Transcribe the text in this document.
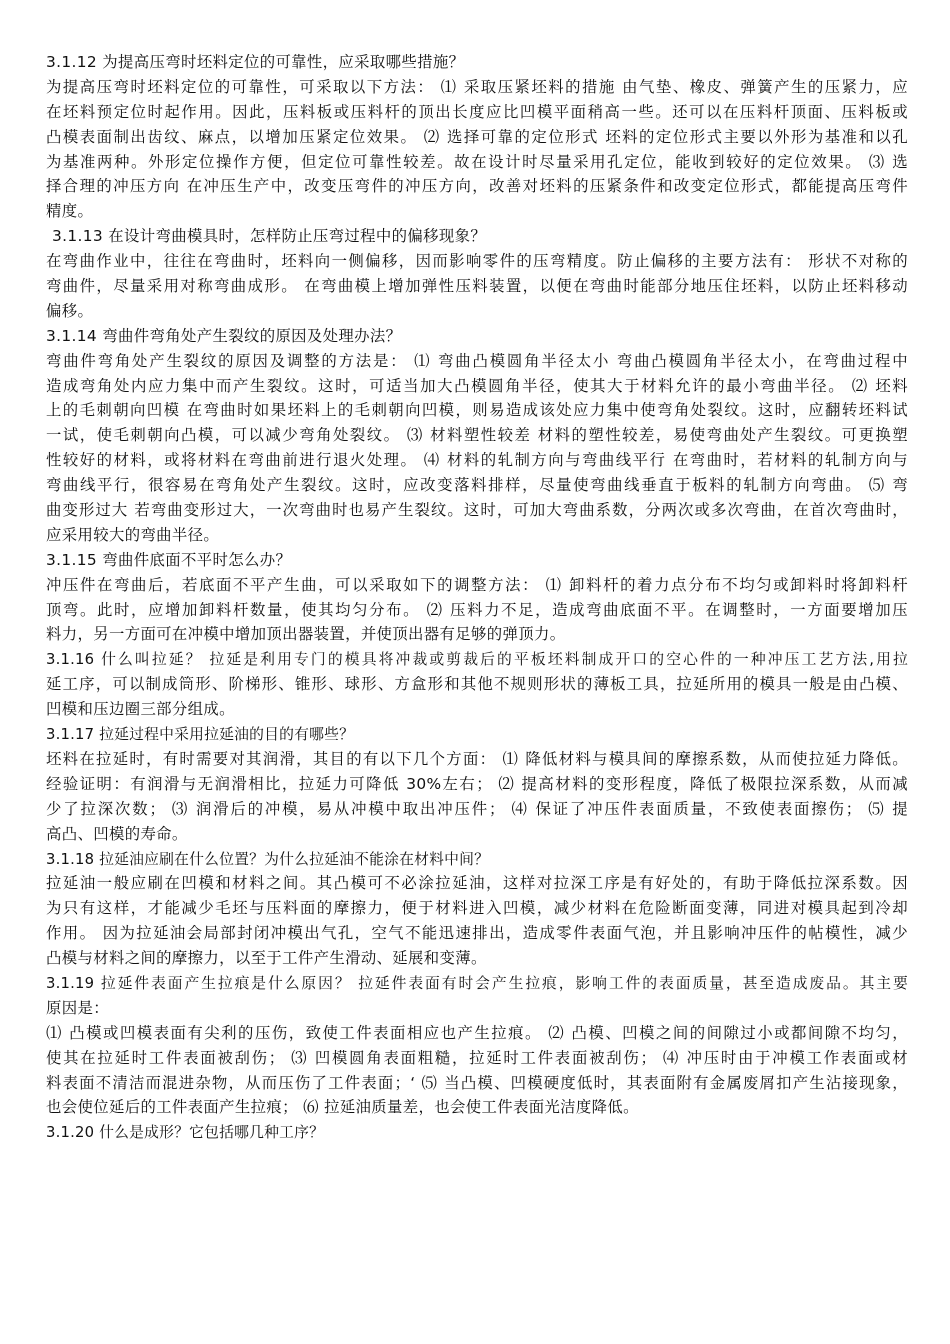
3.1.12 为提高压弯时坯料定位的可靠性，应采取哪些措施？
为提高压弯时坯料定位的可靠性，可采取以下方法： ⑴ 采取压紧坯料的措施 由气垫、橡皮、弹簧产生的压紧力，应
在坯料预定位时起作用。因此，压料板或压料杆的顶出长度应比凹模平面稍高一些。还可以在压料杆顶面、压料板或
凸模表面制出齿纹、麻点，以增加压紧定位效果。 ⑵ 选择可靠的定位形式 坯料的定位形式主要以外形为基准和以孔
为基准两种。外形定位操作方便，但定位可靠性较差。故在设计时尽量采用孔定位，能收到较好的定位效果。 ⑶ 选
择合理的冲压方向 在冲压生产中，改变压弯件的冲压方向，改善对坯料的压紧条件和改变定位形式，都能提高压弯件
精度。
3.1.13 在设计弯曲模具时，怎样防止压弯过程中的偏移现象？
在弯曲作业中，往往在弯曲时，坯料向一侧偏移，因而影响零件的压弯精度。防止偏移的主要方法有： 形状不对称的
弯曲件，尽量采用对称弯曲成形。 在弯曲模上增加弹性压料装置，以便在弯曲时能部分地压住坯料，以防止坯料移动
偏移。
3.1.14 弯曲件弯角处产生裂纹的原因及处理办法？
弯曲件弯角处产生裂纹的原因及调整的方法是： ⑴ 弯曲凸模圆角半径太小 弯曲凸模圆角半径太小，在弯曲过程中
造成弯角处内应力集中而产生裂纹。这时，可适当加大凸模圆角半径，使其大于材料允许的最小弯曲半径。 ⑵ 坯料
上的毛刺朝向凹模 在弯曲时如果坯料上的毛刺朝向凹模，则易造成该处应力集中使弯角处裂纹。这时，应翻转坯料试
一试，使毛刺朝向凸模，可以减少弯角处裂纹。 ⑶ 材料塑性较差 材料的塑性较差，易使弯曲处产生裂纹。可更换塑
性较好的材料，或将材料在弯曲前进行退火处理。 ⑷ 材料的轧制方向与弯曲线平行 在弯曲时，若材料的轧制方向与
弯曲线平行，很容易在弯角处产生裂纹。这时，应改变落料排样，尽量使弯曲线垂直于板料的轧制方向弯曲。 ⑸ 弯
曲变形过大 若弯曲变形过大，一次弯曲时也易产生裂纹。这时，可加大弯曲系数，分两次或多次弯曲，在首次弯曲时，
应采用较大的弯曲半径。
3.1.15 弯曲件底面不平时怎么办？
冲压件在弯曲后，若底面不平产生曲，可以采取如下的调整方法： ⑴ 卸料杆的着力点分布不均匀或卸料时将卸料杆
顶弯。此时，应增加卸料杆数量，使其均匀分布。 ⑵ 压料力不足，造成弯曲底面不平。在调整时，一方面要增加压
料力，另一方面可在冲模中增加顶出器装置，并使顶出器有足够的弹顶力。
3.1.16 什么叫拉延？ 拉延是利用专门的模具将冲裁或剪裁后的平板坯料制成开口的空心件的一种冲压工艺方法,用拉
延工序，可以制成筒形、阶梯形、锥形、球形、方盒形和其他不规则形状的薄板工具，拉延所用的模具一般是由凸模、
凹模和压边圈三部分组成。
3.1.17 拉延过程中采用拉延油的目的有哪些？
坯料在拉延时，有时需要对其润滑，其目的有以下几个方面： ⑴ 降低材料与模具间的摩擦系数，从而使拉延力降低。
经验证明：有润滑与无润滑相比，拉延力可降低 30%左右； ⑵ 提高材料的变形程度，降低了极限拉深系数，从而减
少了拉深次数； ⑶ 润滑后的冲模，易从冲模中取出冲压件； ⑷ 保证了冲压件表面质量，不致使表面擦伤； ⑸ 提
高凸、凹模的寿命。
3.1.18 拉延油应刷在什么位置？为什么拉延油不能涂在材料中间？
拉延油一般应刷在凹模和材料之间。其凸模可不必涂拉延油，这样对拉深工序是有好处的，有助于降低拉深系数。因
为只有这样，才能减少毛坯与压料面的摩擦力，便于材料进入凹模，减少材料在危险断面变薄，同进对模具起到冷却
作用。 因为拉延油会局部封闭冲模出气孔，空气不能迅速排出，造成零件表面气泡，并且影响冲压件的帖模性，减少
凸模与材料之间的摩擦力，以至于工件产生滑动、延展和变薄。
3.1.19 拉延件表面产生拉痕是什么原因？ 拉延件表面有时会产生拉痕，影响工件的表面质量，甚至造成废品。其主要
原因是：
⑴ 凸模或凹模表面有尖利的压伤，致使工件表面相应也产生拉痕。 ⑵ 凸模、凹模之间的间隙过小或都间隙不均匀，
使其在拉延时工件表面被刮伤； ⑶ 凹模圆角表面粗糙，拉延时工件表面被刮伤； ⑷ 冲压时由于冲模工作表面或材
料表面不清洁而混进杂物，从而压伤了工件表面；‘ ⑸ 当凸模、凹模硬度低时，其表面附有金属废屑扣产生沾接现象，
也会使位延后的工件表面产生拉痕； ⑹ 拉延油质量差，也会使工件表面光洁度降低。
3.1.20 什么是成形？它包括哪几种工序？
